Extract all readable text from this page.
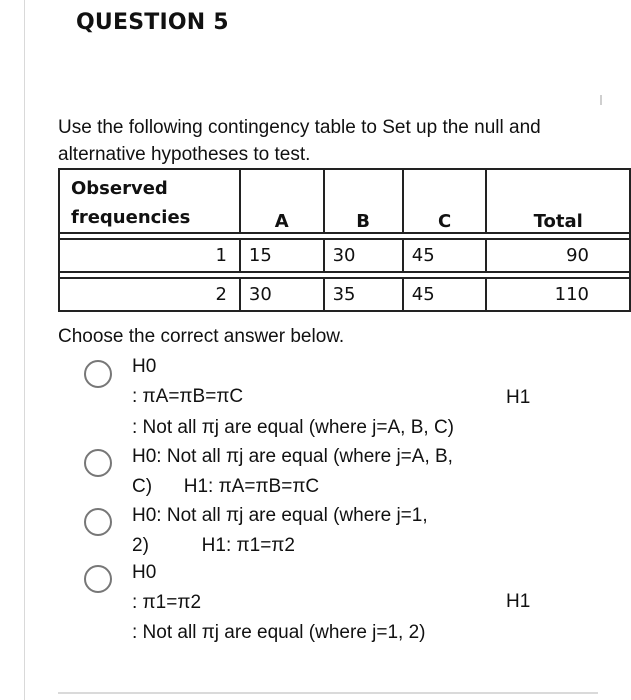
QUESTION 5
Use the following contingency table to Set up the null and alternative hypotheses to test.
Observed
frequencies	A	B	C	Total

1	15	30	45	90

2	30	35	45	110
Choose the correct answer below.
H0
: πA=πB=πC	H1
: Not all πj are equal (where j=A, B, C)
H0: Not all πj are equal (where j=A, B,
C)      H1: πA=πB=πC
H0: Not all πj are equal (where j=1,
2)          H1: π1=π2
H0
: π1=π2	H1
: Not all πj are equal (where j=1, 2)
